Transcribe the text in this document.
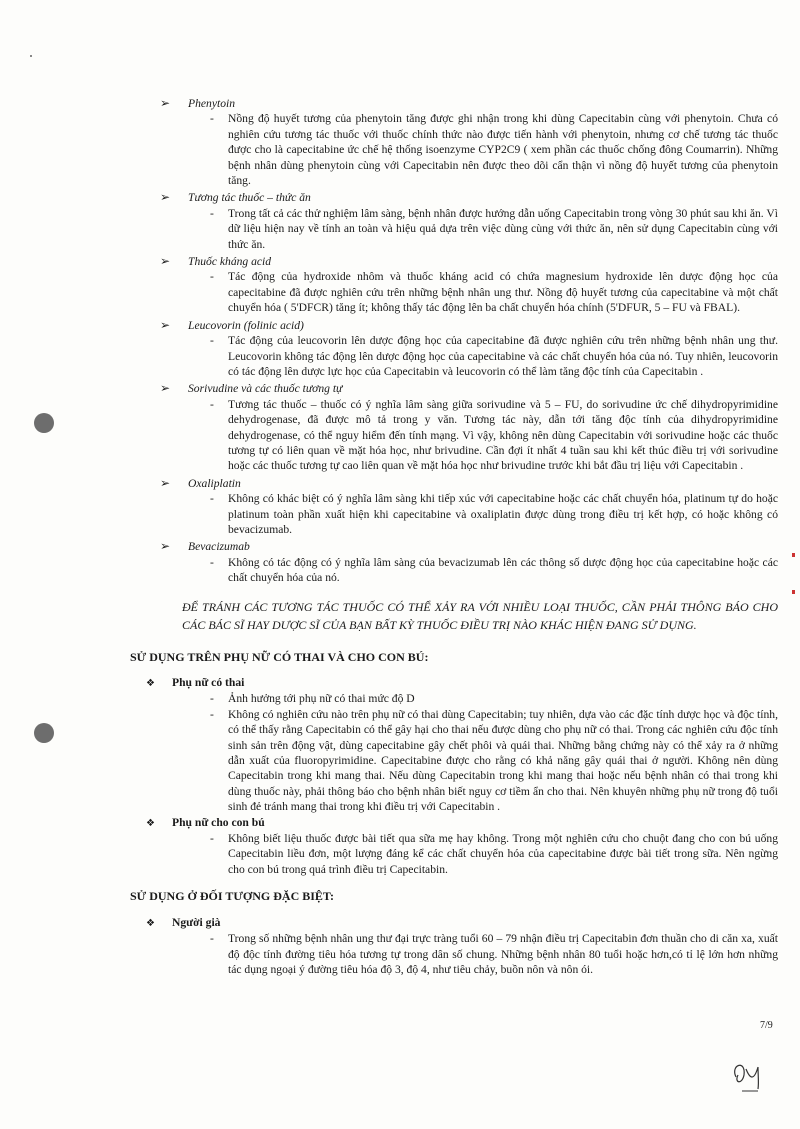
➢	Phenytoin
-	Nồng độ huyết tương của phenytoin tăng được ghi nhận trong khi dùng Capecitabin cùng với phenytoin. Chưa có nghiên cứu tương tác thuốc với thuốc chính thức nào được tiến hành với phenytoin, nhưng cơ chế tương tác thuốc được cho là capecitabine ức chế hệ thống isoenzyme CYP2C9 ( xem phần các thuốc chống đông Coumarrin). Những bệnh nhân dùng phenytoin cùng với Capecitabin nên được theo dõi cẩn thận vì nồng độ huyết tương của phenytoin tăng.
➢	Tương tác thuốc – thức ăn
-	Trong tất cả các thử nghiệm lâm sàng, bệnh nhân được hướng dẫn uống Capecitabin trong vòng 30 phút sau khi ăn. Vì dữ liệu hiện nay về tính an toàn và hiệu quả dựa trên việc dùng cùng với thức ăn, nên sử dụng Capecitabin cùng với thức ăn.
➢	Thuốc kháng acid
-	Tác động của hydroxide nhôm và thuốc kháng acid có chứa magnesium hydroxide lên dược động học của capecitabine đã được nghiên cứu trên những bệnh nhân ung thư. Nồng độ huyết tương của capecitabine và một chất chuyển hóa ( 5'DFCR) tăng ít; không thấy tác động lên ba chất chuyển hóa chính (5'DFUR, 5 – FU và FBAL).
➢	Leucovorin (folinic acid)
-	Tác động của leucovorin lên dược động học của capecitabine đã được nghiên cứu trên những bệnh nhân ung thư. Leucovorin không tác động lên dược động học của capecitabine và các chất chuyển hóa của nó. Tuy nhiên, leucovorin có tác động lên dược lực học của Capecitabin và leucovorin có thể làm tăng độc tính của Capecitabin .
➢	Sorivudine và các thuốc tương tự
-	Tương tác thuốc – thuốc có ý nghĩa lâm sàng giữa sorivudine và 5 – FU, do sorivudine ức chế dihydropyrimidine dehydrogenase, đã được mô tả trong y văn. Tương tác này, dẫn tới tăng độc tính của dihydropyrimidine dehydrogenase, có thể nguy hiểm đến tính mạng. Vì vậy, không nên dùng Capecitabin với sorivudine hoặc các thuốc tương tự có liên quan về mặt hóa học, như brivudine. Cần đợi ít nhất 4 tuần sau khi kết thúc điều trị với sorivudine hoặc các thuốc tương tự cao liên quan về mặt hóa học như brivudine trước khi bắt đầu trị liệu với Capecitabin .
➢	Oxaliplatin
-	Không có khác biệt có ý nghĩa lâm sàng khi tiếp xúc với capecitabine hoặc các chất chuyển hóa, platinum tự do hoặc platinum toàn phần xuất hiện khi capecitabine và oxaliplatin được dùng trong điều trị kết hợp, có hoặc không có bevacizumab.
➢	Bevacizumab
-	Không có tác động có ý nghĩa lâm sàng của bevacizumab lên các thông số dược động học của capecitabine hoặc các chất chuyển hóa của nó.
ĐỂ TRÁNH CÁC TƯƠNG TÁC THUỐC CÓ THỂ XẢY RA VỚI NHIỀU LOẠI THUỐC, CẦN PHẢI THÔNG BÁO CHO CÁC BÁC SĨ HAY DƯỢC SĨ CỦA BẠN BẤT KỲ THUỐC ĐIỀU TRỊ NÀO KHÁC HIỆN ĐANG SỬ DỤNG.
SỬ DỤNG TRÊN PHỤ NỮ CÓ THAI VÀ CHO CON BÚ:
❖	Phụ nữ có thai
-	Ảnh hưởng tới phụ nữ có thai mức độ D
-	Không có nghiên cứu nào trên phụ nữ có thai dùng Capecitabin; tuy nhiên, dựa vào các đặc tính dược học và độc tính, có thể thấy rằng Capecitabin có thể gây hại cho thai nếu được dùng cho phụ nữ có thai. Trong các nghiên cứu độc tính sinh sản trên động vật, dùng capecitabine gây chết phôi và quái thai. Những bằng chứng này có thể xảy ra ở những dẫn xuất của fluoropyrimidine. Capecitabine được cho rằng có khả năng gây quái thai ở người. Không nên dùng Capecitabin trong khi mang thai. Nếu dùng Capecitabin trong khi mang thai hoặc nếu bệnh nhân có thai trong khi dùng thuốc này, phải thông báo cho bệnh nhân biết nguy cơ tiềm ẩn cho thai. Nên khuyên những phụ nữ trong độ tuổi sinh đẻ tránh mang thai trong khi điều trị với Capecitabin .
❖	Phụ nữ cho con bú
-	Không biết liệu thuốc được bài tiết qua sữa mẹ hay không. Trong một nghiên cứu cho chuột đang cho con bú uống Capecitabin liều đơn, một lượng đáng kể các chất chuyển hóa của capecitabine được bài tiết trong sữa. Nên ngừng cho con bú trong quá trình điều trị Capecitabin.
SỬ DỤNG Ở ĐỐI TƯỢNG ĐẶC BIỆT:
❖	Người già
-	Trong số những bệnh nhân ung thư đại trực tràng tuổi 60 – 79 nhận điều trị Capecitabin đơn thuần cho di căn xa, xuất độ độc tính đường tiêu hóa tương tự trong dân số chung. Những bệnh nhân 80 tuổi hoặc hơn,có tỉ lệ lớn hơn những tác dụng ngoại ý đường tiêu hóa độ 3, độ 4, như tiêu chảy, buồn nôn và nôn ói.
7/9
